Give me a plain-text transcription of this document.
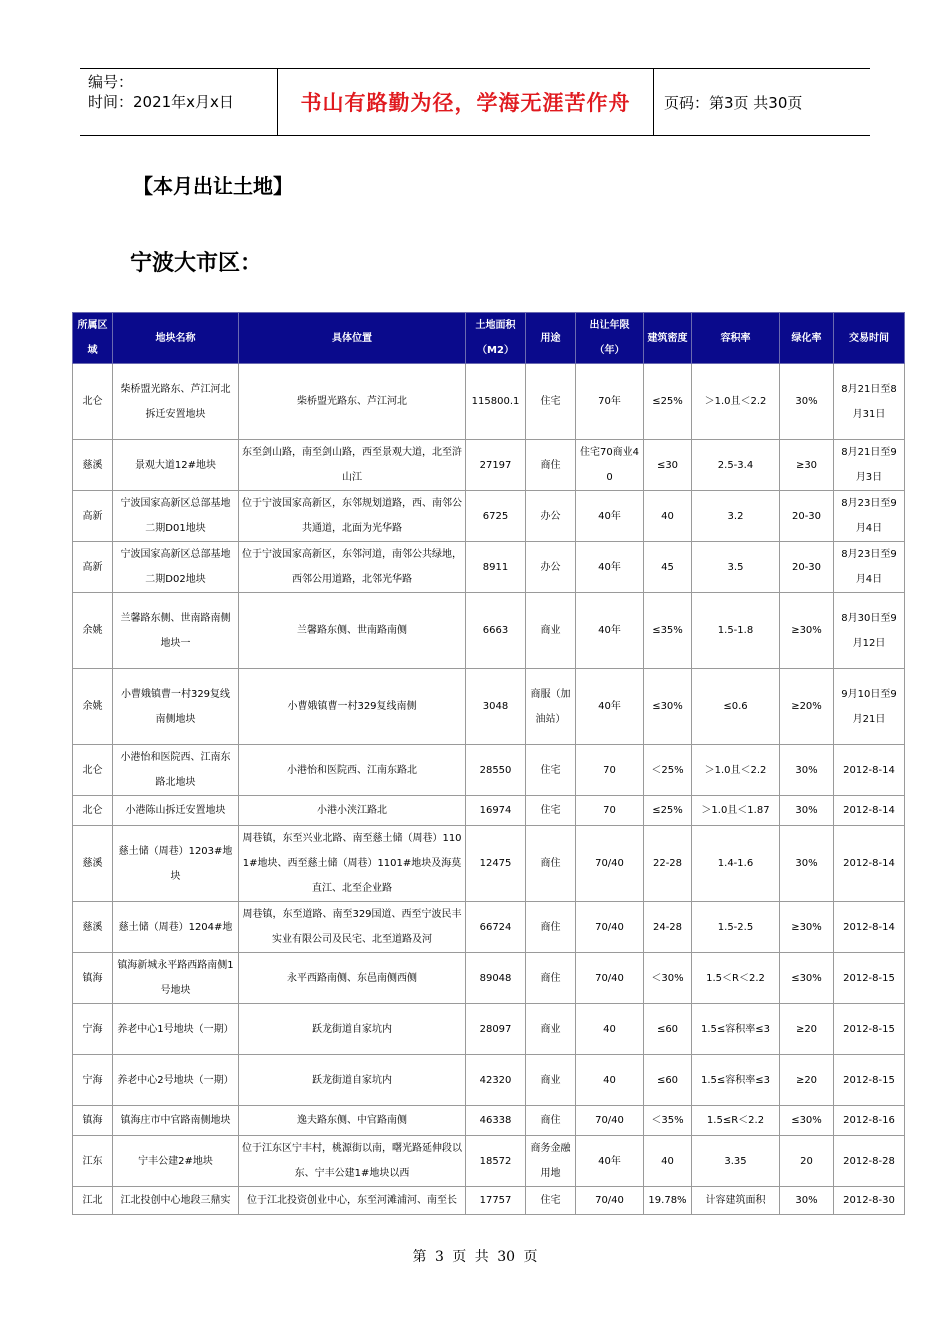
编号：
时间：2021年x月x日	书山有路勤为径，学海无涯苦作舟	页码：第3页 共30页
【本月出让土地】
宁波大市区：
所属区域	地块名称	具体位置	土地面积（M2）	用途	出让年限（年）	建筑密度	容积率	绿化率	交易时间
北仑	柴桥盟光路东、芦江河北拆迁安置地块	柴桥盟光路东、芦江河北	115800.1	住宅	70年	≤25%	＞1.0且＜2.2	30%	8月21日至8月31日
慈溪	景观大道12#地块	东至剑山路，南至剑山路，西至景观大道，北至浒山江	27197	商住	住宅70商业40	≤30	2.5-3.4	≥30	8月21日至9月3日
高新	宁波国家高新区总部基地二期D01地块	位于宁波国家高新区，东邻规划道路，西、南邻公共通道，北面为光华路	6725	办公	40年	40	3.2	20-30	8月23日至9月4日
高新	宁波国家高新区总部基地二期D02地块	位于宁波国家高新区，东邻河道，南邻公共绿地，西邻公用道路，北邻光华路	8911	办公	40年	45	3.5	20-30	8月23日至9月4日
余姚	兰馨路东侧、世南路南侧地块一	兰馨路东侧、世南路南侧	6663	商业	40年	≤35%	1.5-1.8	≥30%	8月30日至9月12日
余姚	小曹娥镇曹一村329复线南侧地块	小曹娥镇曹一村329复线南侧	3048	商服（加油站）	40年	≤30%	≤0.6	≥20%	9月10日至9月21日
北仑	小港怡和医院西、江南东路北地块	小港怡和医院西、江南东路北	28550	住宅	70	＜25%	＞1.0且＜2.2	30%	2012-8-14
北仑	小港陈山拆迁安置地块	小港小浃江路北	16974	住宅	70	≤25%	＞1.0且＜1.87	30%	2012-8-14
慈溪	慈土储（周巷）1203#地块	周巷镇，东至兴业北路、南至慈土储（周巷）1101#地块、西至慈土储（周巷）1101#地块及海莫直江、北至企业路	12475	商住	70/40	22-28	1.4-1.6	30%	2012-8-14
慈溪	慈土储（周巷）1204#地	周巷镇，东至道路、南至329国道、西至宁波民丰实业有限公司及民宅、北至道路及河	66724	商住	70/40	24-28	1.5-2.5	≥30%	2012-8-14
镇海	镇海新城永平路西路南侧1号地块	永平西路南侧、东邑南侧西侧	89048	商住	70/40	＜30%	1.5＜R＜2.2	≤30%	2012-8-15
宁海	养老中心1号地块（一期）	跃龙街道自家坑内	28097	商业	40	≤60	1.5≤容积率≤3	≥20	2012-8-15
宁海	养老中心2号地块（一期）	跃龙街道自家坑内	42320	商业	40	≤60	1.5≤容积率≤3	≥20	2012-8-15
镇海	镇海庄市中官路南侧地块	逸夫路东侧、中官路南侧	46338	商住	70/40	＜35%	1.5≤R＜2.2	≤30%	2012-8-16
江东	宁丰公建2#地块	位于江东区宁丰村，桃源街以南，曙光路延伸段以东、宁丰公建1#地块以西	18572	商务金融用地	40年	40	3.35	20	2012-8-28
江北	江北投创中心地段三鼎实	位于江北投资创业中心，东至河滩浦河、南至长	17757	住宅	70/40	19.78%	计容建筑面积	30%	2012-8-30
第 3 页 共 30 页
